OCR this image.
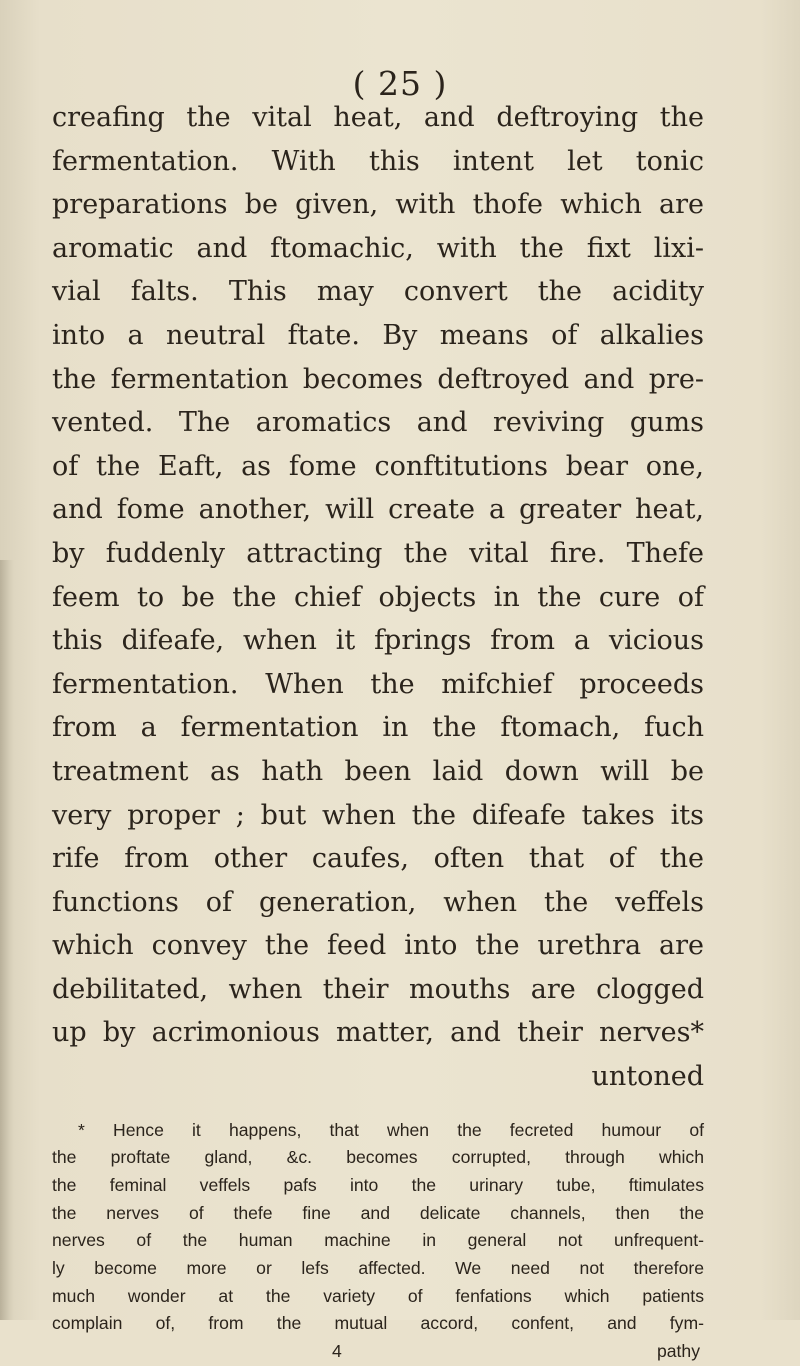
( 25 )
creafing the vital heat, and deftroying the
fermentation. With this intent let tonic
preparations be given, with thofe which are
aromatic and ftomachic, with the fixt lixi-
vial falts. This may convert the acidity
into a neutral ftate. By means of alkalies
the fermentation becomes deftroyed and pre-
vented. The aromatics and reviving gums
of the Eaft, as fome conftitutions bear one,
and fome another, will create a greater heat,
by fuddenly attracting the vital fire. Thefe
feem to be the chief objects in the cure of
this difeafe, when it fprings from a vicious
fermentation. When the mifchief proceeds
from a fermentation in the ftomach, fuch
treatment as hath been laid down will be
very proper ; but when the difeafe takes its
rife from other caufes, often that of the
functions of generation, when the veffels
which convey the feed into the urethra are
debilitated, when their mouths are clogged
up by acrimonious matter, and their nerves*
untoned
* Hence it happens, that when the fecreted humour of
the proftate gland, &c. becomes corrupted, through which
the feminal veffels pafs into the urinary tube, ftimulates
the nerves of thefe fine and delicate channels, then the
nerves of the human machine in general not unfrequent-
ly become more or lefs affected. We need not therefore
much wonder at the variety of fenfations which patients
complain of, from the mutual accord, confent, and fym-
4	pathy
